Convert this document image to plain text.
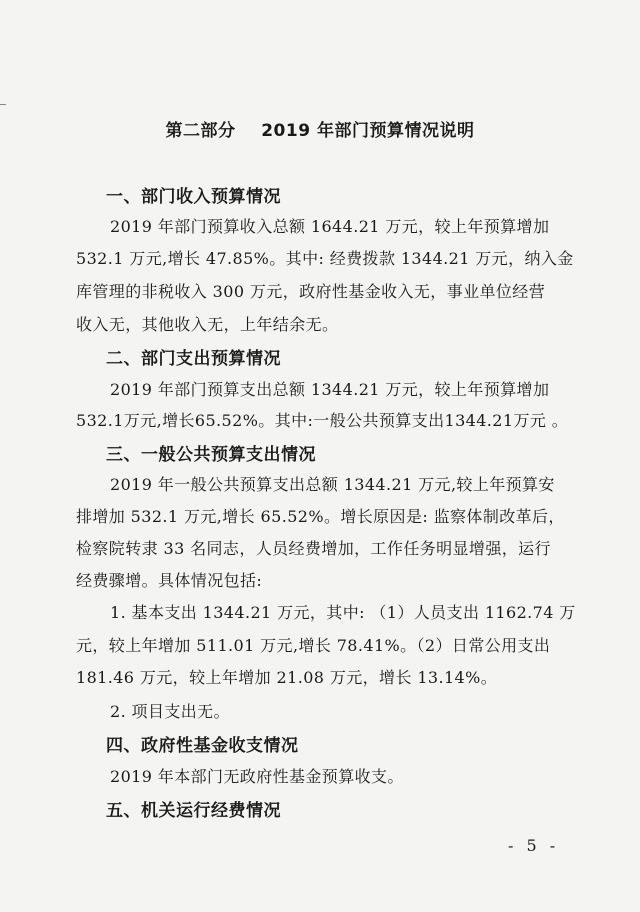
第二部分    2019 年部门预算情况说明
一、部门收入预算情况
2019 年部门预算收入总额 1644.21 万元，较上年预算增加
532.1 万元,增长 47.85%。其中: 经费拨款 1344.21 万元，纳入金
库管理的非税收入 300 万元，政府性基金收入无，事业单位经营
收入无，其他收入无，上年结余无。
二、部门支出预算情况
2019 年部门预算支出总额 1344.21 万元，较上年预算增加
532.1万元,增长65.52%。其中:一般公共预算支出1344.21万元 。
三、一般公共预算支出情况
2019 年一般公共预算支出总额 1344.21 万元,较上年预算安
排增加 532.1 万元,增长 65.52%。增长原因是: 监察体制改革后，
检察院转隶 33 名同志，人员经费增加，工作任务明显增强，运行
经费骤增。具体情况包括:
1. 基本支出 1344.21 万元，其中: （1）人员支出 1162.74 万
元，较上年增加 511.01 万元,增长 78.41%。（2）日常公用支出
181.46 万元，较上年增加 21.08 万元，增长 13.14%。
2. 项目支出无。
四、政府性基金收支情况
2019 年本部门无政府性基金预算收支。
五、机关运行经费情况
- 5 -
